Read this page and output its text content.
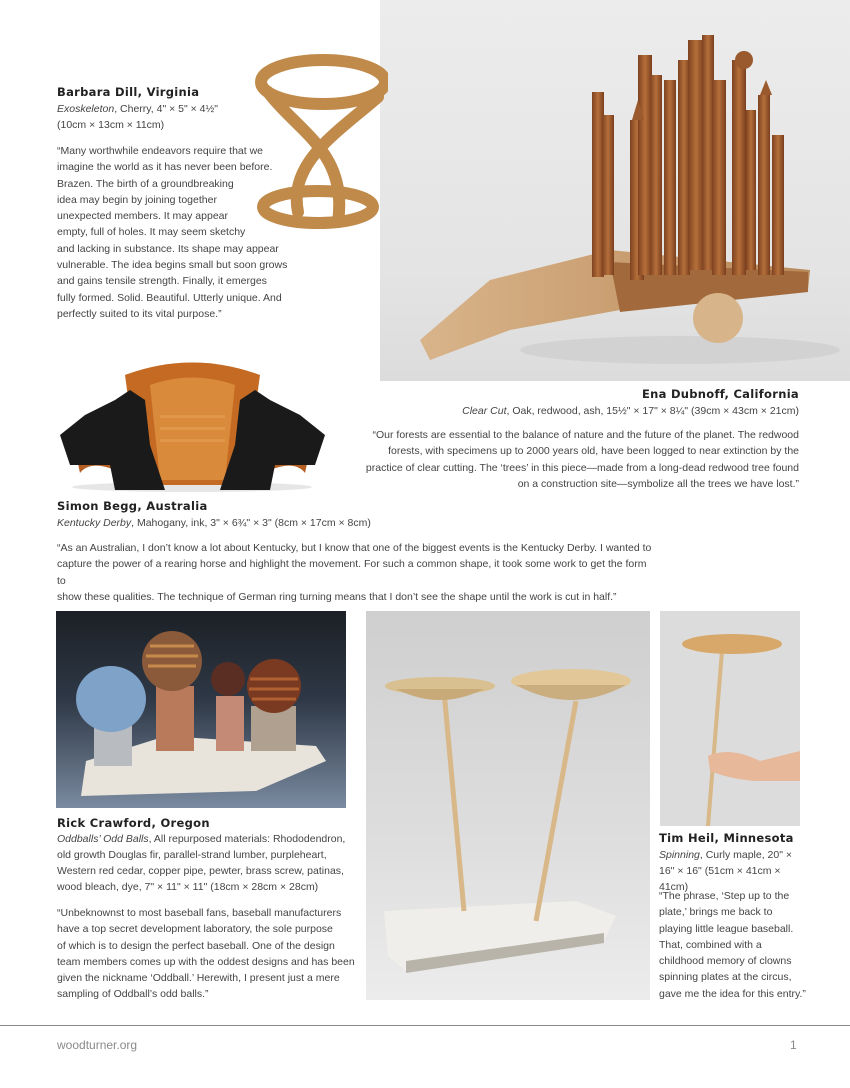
Barbara Dill, Virginia
Exoskeleton, Cherry, 4" × 5" × 4½"
(10cm × 13cm × 11cm)
“Many worthwhile endeavors require that we
imagine the world as it has never been before.
Brazen. The birth of a groundbreaking
idea may begin by joining together
unexpected members. It may appear
empty, full of holes. It may seem sketchy
and lacking in substance. Its shape may appear
vulnerable. The idea begins small but soon grows
and gains tensile strength. Finally, it emerges
fully formed. Solid. Beautiful. Utterly unique. And
perfectly suited to its vital purpose.”
Ena Dubnoff, California
Clear Cut, Oak, redwood, ash, 15½" × 17" × 8¼" (39cm × 43cm × 21cm)
“Our forests are essential to the balance of nature and the future of the planet. The redwood
forests, with specimens up to 2000 years old, have been logged to near extinction by the
practice of clear cutting. The ‘trees’ in this piece—made from a long-dead redwood tree found
on a construction site—symbolize all the trees we have lost.”
Simon Begg, Australia
Kentucky Derby, Mahogany, ink, 3" × 6¾" × 3" (8cm × 17cm × 8cm)
“As an Australian, I don’t know a lot about Kentucky, but I know that one of the biggest events is the Kentucky Derby. I wanted to
capture the power of a rearing horse and highlight the movement. For such a common shape, it took some work to get the form to
show these qualities. The technique of German ring turning means that I don’t see the shape until the work is cut in half.”
Rick Crawford, Oregon
Oddballs’ Odd Balls, All repurposed materials: Rhododendron,
old growth Douglas fir, parallel-strand lumber, purpleheart,
Western red cedar, copper pipe, pewter, brass screw, patinas,
wood bleach, dye, 7" × 11" × 11" (18cm × 28cm × 28cm)
“Unbeknownst to most baseball fans, baseball manufacturers
have a top secret development laboratory, the sole purpose
of which is to design the perfect baseball. One of the design
team members comes up with the oddest designs and has been
given the nickname ‘Oddball.’ Herewith, I present just a mere
sampling of Oddball’s odd balls.”
Tim Heil, Minnesota
Spinning, Curly maple, 20" ×
16" × 16" (51cm × 41cm × 41cm)
“The phrase, ‘Step up to the
plate,’ brings me back to
playing little league baseball.
That, combined with a
childhood memory of clowns
spinning plates at the circus,
gave me the idea for this entry.”
woodturner.org	1
